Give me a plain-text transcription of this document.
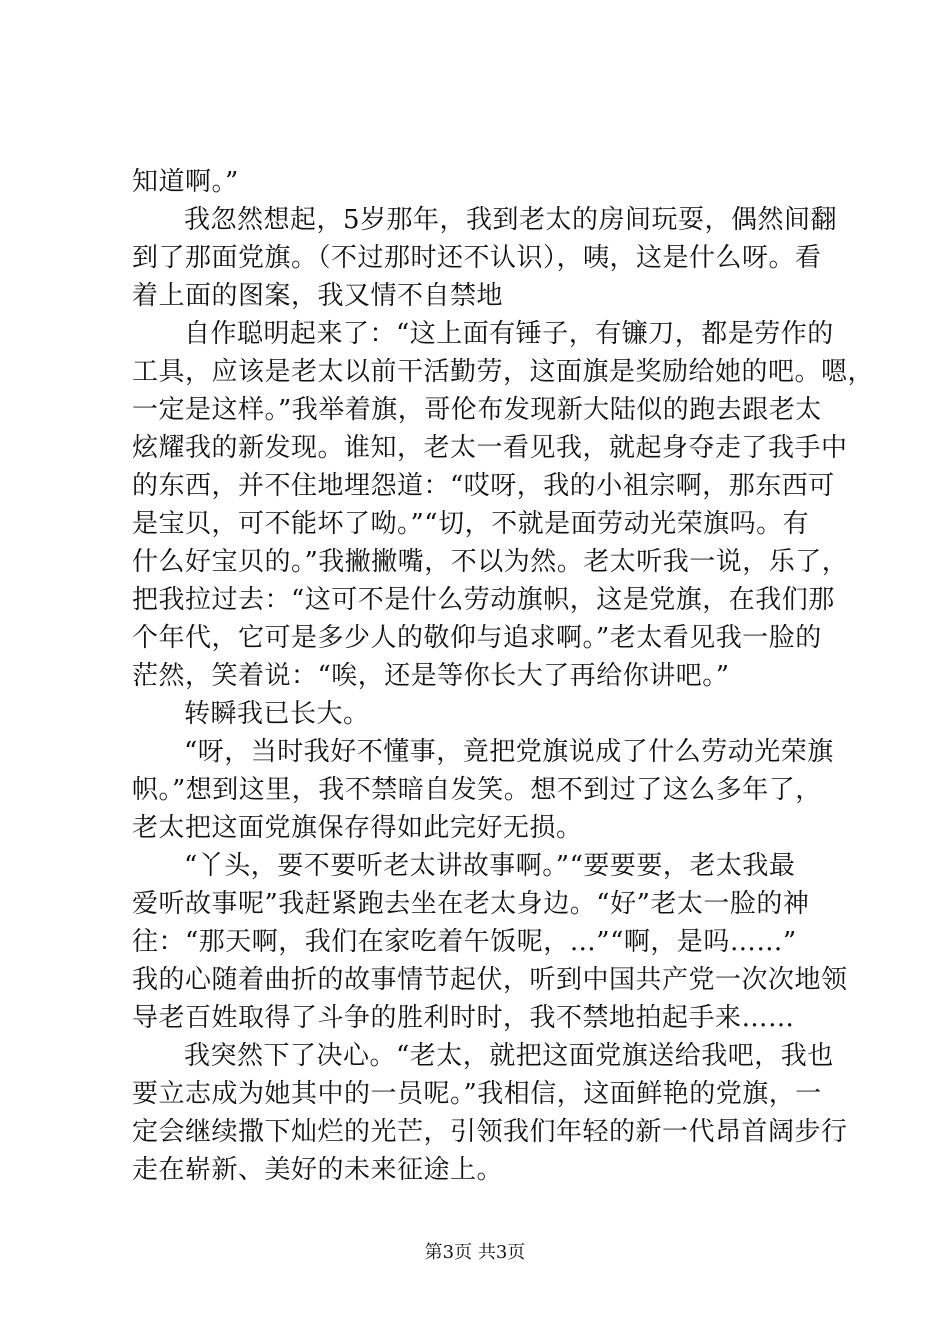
知道啊。”
我忽然想起，5岁那年，我到老太的房间玩耍，偶然间翻
到了那面党旗。（不过那时还不认识），咦，这是什么呀。看
着上面的图案，我又情不自禁地
自作聪明起来了：“这上面有锤子，有镰刀，都是劳作的
工具，应该是老太以前干活勤劳，这面旗是奖励给她的吧。嗯，
一定是这样。”我举着旗，哥伦布发现新大陆似的跑去跟老太
炫耀我的新发现。谁知，老太一看见我，就起身夺走了我手中
的东西，并不住地埋怨道：“哎呀，我的小祖宗啊，那东西可
是宝贝，可不能坏了呦。”“切，不就是面劳动光荣旗吗。有
什么好宝贝的。”我撇撇嘴，不以为然。老太听我一说，乐了，
把我拉过去：“这可不是什么劳动旗帜，这是党旗，在我们那
个年代，它可是多少人的敬仰与追求啊。”老太看见我一脸的
茫然，笑着说：“唉，还是等你长大了再给你讲吧。”
转瞬我已长大。
“呀，当时我好不懂事，竟把党旗说成了什么劳动光荣旗
帜。”想到这里，我不禁暗自发笑。想不到过了这么多年了，
老太把这面党旗保存得如此完好无损。
“丫头，要不要听老太讲故事啊。”“要要要，老太我最
爱听故事呢”我赶紧跑去坐在老太身边。“好”老太一脸的神
往：“那天啊，我们在家吃着午饭呢，…”“啊，是吗……”
我的心随着曲折的故事情节起伏，听到中国共产党一次次地领
导老百姓取得了斗争的胜利时时，我不禁地拍起手来……
我突然下了决心。“老太，就把这面党旗送给我吧，我也
要立志成为她其中的一员呢。”我相信，这面鲜艳的党旗，一
定会继续撒下灿烂的光芒，引领我们年轻的新一代昂首阔步行
走在崭新、美好的未来征途上。
第3页 共3页
